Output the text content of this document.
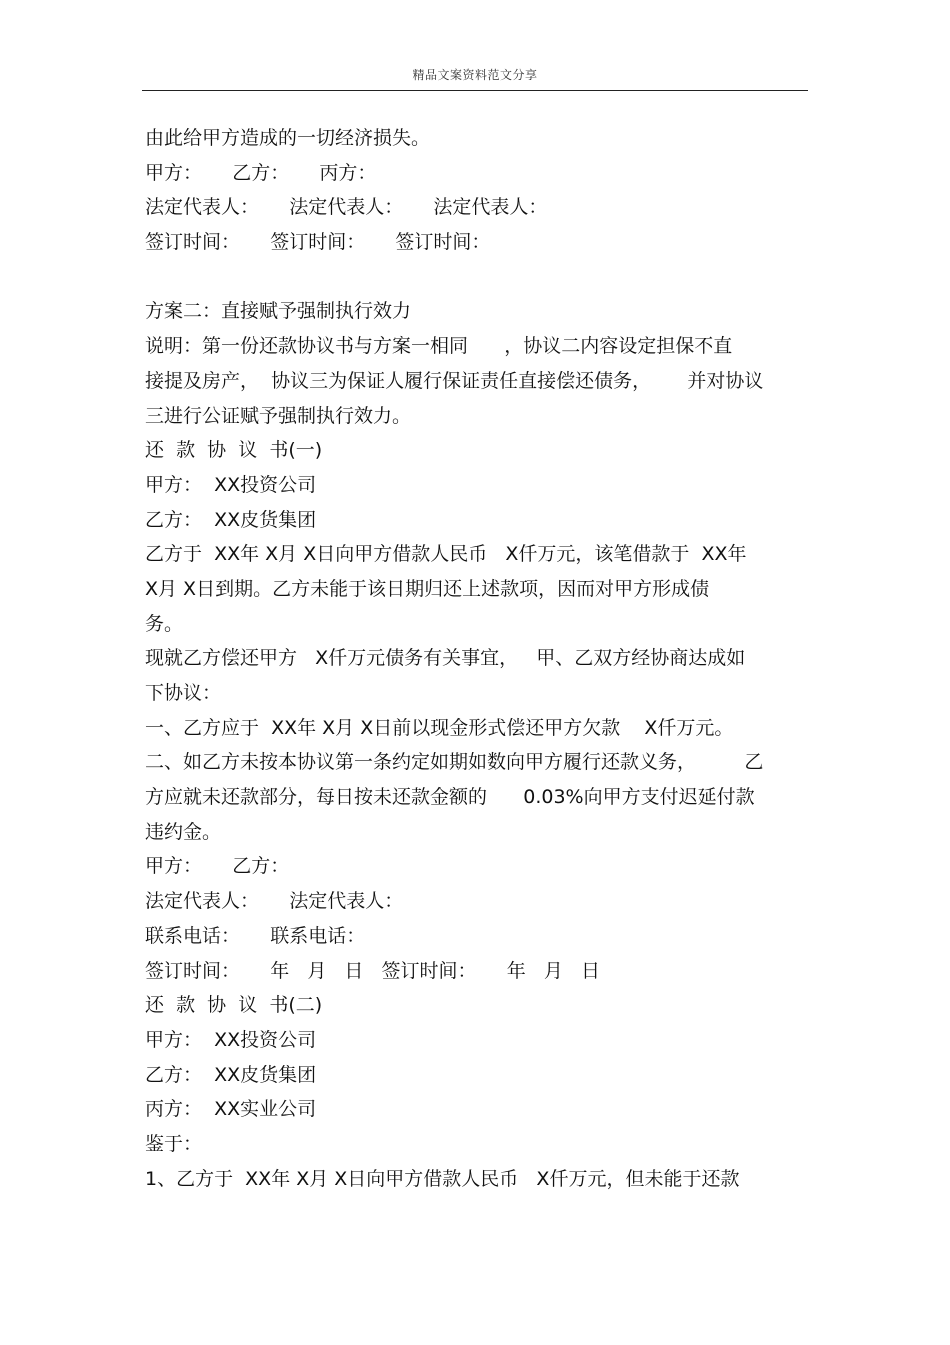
精品文案资料范文分享
由此给甲方造成的一切经济损失。
甲方：     乙方：     丙方：
法定代表人：     法定代表人：     法定代表人：
签订时间：     签订时间：     签订时间：
方案二：直接赋予强制执行效力
说明：第一份还款协议书与方案一相同      ，协议二内容设定担保不直
接提及房产，  协议三为保证人履行保证责任直接偿还债务，      并对协议
三进行公证赋予强制执行效力。
还  款  协  议  书(一)
甲方：  XX投资公司
乙方：  XX皮货集团
乙方于  XX年 X月 X日向甲方借款人民币   X仟万元，该笔借款于  XX年
X月 X日到期。乙方未能于该日期归还上述款项，因而对甲方形成债
务。
现就乙方偿还甲方   X仟万元债务有关事宜，   甲、乙双方经协商达成如
下协议：
一、乙方应于  XX年 X月 X日前以现金形式偿还甲方欠款    X仟万元。
二、如乙方未按本协议第一条约定如期如数向甲方履行还款义务，        乙
方应就未还款部分，每日按未还款金额的      0.03%向甲方支付迟延付款
违约金。
甲方：     乙方：
法定代表人：     法定代表人：
联系电话：     联系电话：
签订时间：     年   月   日   签订时间：     年   月   日
还  款  协  议  书(二)
甲方：  XX投资公司
乙方：  XX皮货集团
丙方：  XX实业公司
鉴于：
1、乙方于  XX年 X月 X日向甲方借款人民币   X仟万元，但未能于还款
